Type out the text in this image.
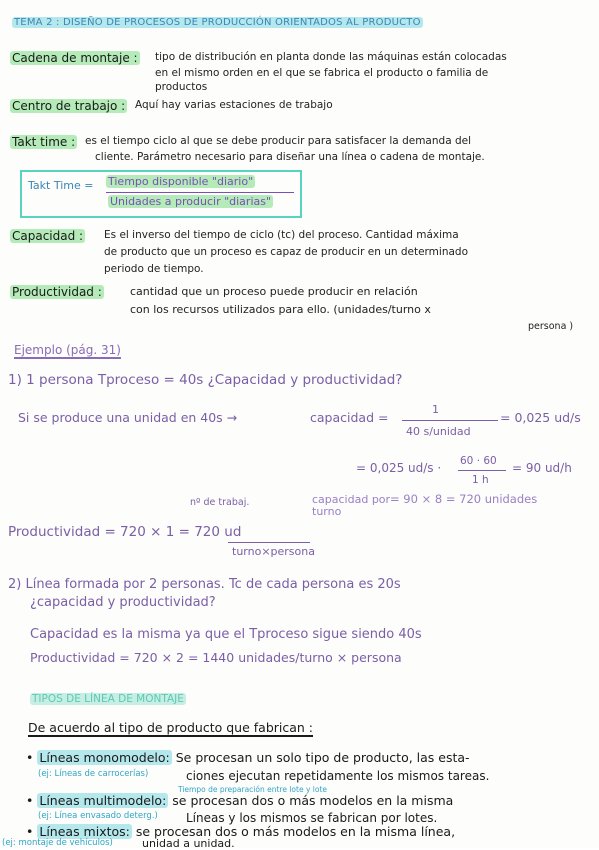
TEMA 2 : DISEÑO DE PROCESOS DE PRODUCCIÓN ORIENTADOS AL PRODUCTO
Cadena de montaje : tipo de distribución en planta donde las máquinas están colocadas
en el mismo orden en el que se fabrica el producto o familia de
productos
Centro de trabajo : Aquí hay varias estaciones de trabajo
Takt time : es el tiempo ciclo al que se debe producir para satisfacer la demanda del
cliente. Parámetro necesario para diseñar una línea o cadena de montaje.
Takt Time = Tiempo disponible "diario"
Unidades a producir "diarias"
Capacidad : Es el inverso del tiempo de ciclo (tc) del proceso. Cantidad máxima
de producto que un proceso es capaz de producir en un determinado
periodo de tiempo.
Productividad :	cantidad que un proceso puede producir en relación
con los recursos utilizados para ello. (unidades/turno x
persona )
Ejemplo (pág. 31)
1) 1 persona Tproceso = 40s ¿Capacidad y productividad?
Si se produce una unidad en 40s →	capacidad =
1
40 s/unidad
= 0,025 ud/s
= 0,025 ud/s · 60 · 60
1 h
= 90 ud/h
nº de trabaj.	capacidad por turno
= 90 × 8 = 720 unidades
Productividad = 720 × 1 = 720 ud
turno×persona
2) Línea formada por 2 personas. Tc de cada persona es 20s
¿capacidad y productividad?
Capacidad es la misma ya que el Tproceso sigue siendo 40s
Productividad = 720 × 2 = 1440 unidades/turno × persona
TIPOS DE LÍNEA DE MONTAJE
De acuerdo al tipo de producto que fabrican :
• Líneas monomodelo: Se procesan un solo tipo de producto, las esta-
(ej: Líneas de carrocerías)	ciones ejecutan repetidamente los mismos tareas.
Tiempo de preparación entre lote y lote
• Líneas multimodelo: se procesan dos o más modelos en la misma
(ej: Línea envasado deterg.) Líneas y los mismos se fabrican por lotes.
• Líneas mixtos: se procesan dos o más modelos en la misma línea,
(ej: montaje de vehículos)	unidad a unidad.
